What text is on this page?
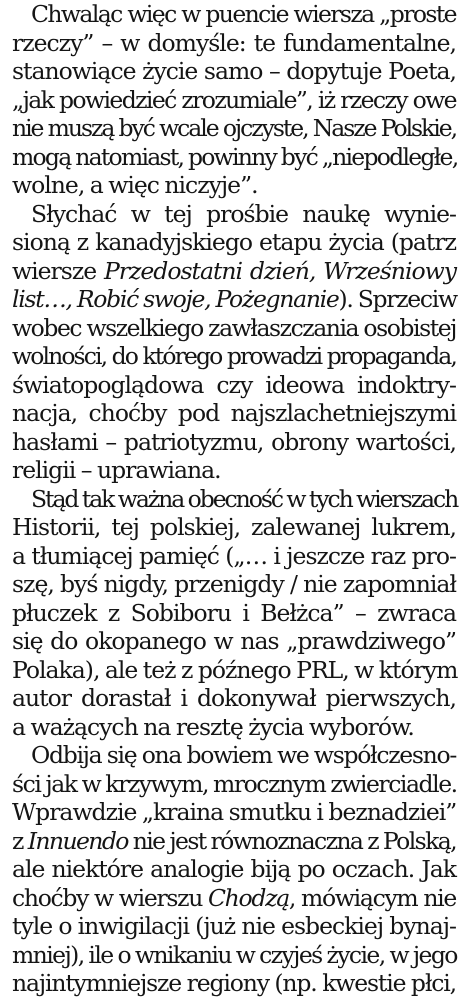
Chwaląc więc w puencie wiersza „proste
rzeczy” – w domyśle: te fundamentalne,
stanowiące życie samo – dopytuje Poeta,
„jak powiedzieć zrozumiale”, iż rzeczy owe
nie muszą być wcale ojczyste, Nasze Polskie,
mogą natomiast, powinny być „niepodległe,
wolne, a więc niczyje”.
Słychać w tej prośbie naukę wynie-
sioną z kanadyjskiego etapu życia (patrz
wiersze Przedostatni dzień, Wrześniowy
list…, Robić swoje, Pożegnanie). Sprzeciw
wobec wszelkiego zawłaszczania osobistej
wolności, do którego prowadzi propaganda,
światopoglądowa czy ideowa indoktry-
nacja, choćby pod najszlachetniejszymi
hasłami – patriotyzmu, obrony wartości,
religii – uprawiana.
Stąd tak ważna obecność w tych wierszach
Historii, tej polskiej, zalewanej lukrem,
a tłumiącej pamięć („… i jeszcze raz pro-
szę, byś nigdy, przenigdy / nie zapomniał
płuczek z Sobiboru i Bełżca” – zwraca
się do okopanego w nas „prawdziwego”
Polaka), ale też z późnego PRL, w którym
autor dorastał i dokonywał pierwszych,
a ważących na resztę życia wyborów.
Odbija się ona bowiem we współczesno-
ści jak w krzywym, mrocznym zwierciadle.
Wprawdzie „kraina smutku i beznadziei”
z Innuendo nie jest równoznaczna z Polską,
ale niektóre analogie biją po oczach. Jak
choćby w wierszu Chodzą, mówiącym nie
tyle o inwigilacji (już nie esbeckiej bynaj-
mniej), ile o wnikaniu w czyjeś życie, w jego
najintymniejsze regiony (np. kwestie płci,
